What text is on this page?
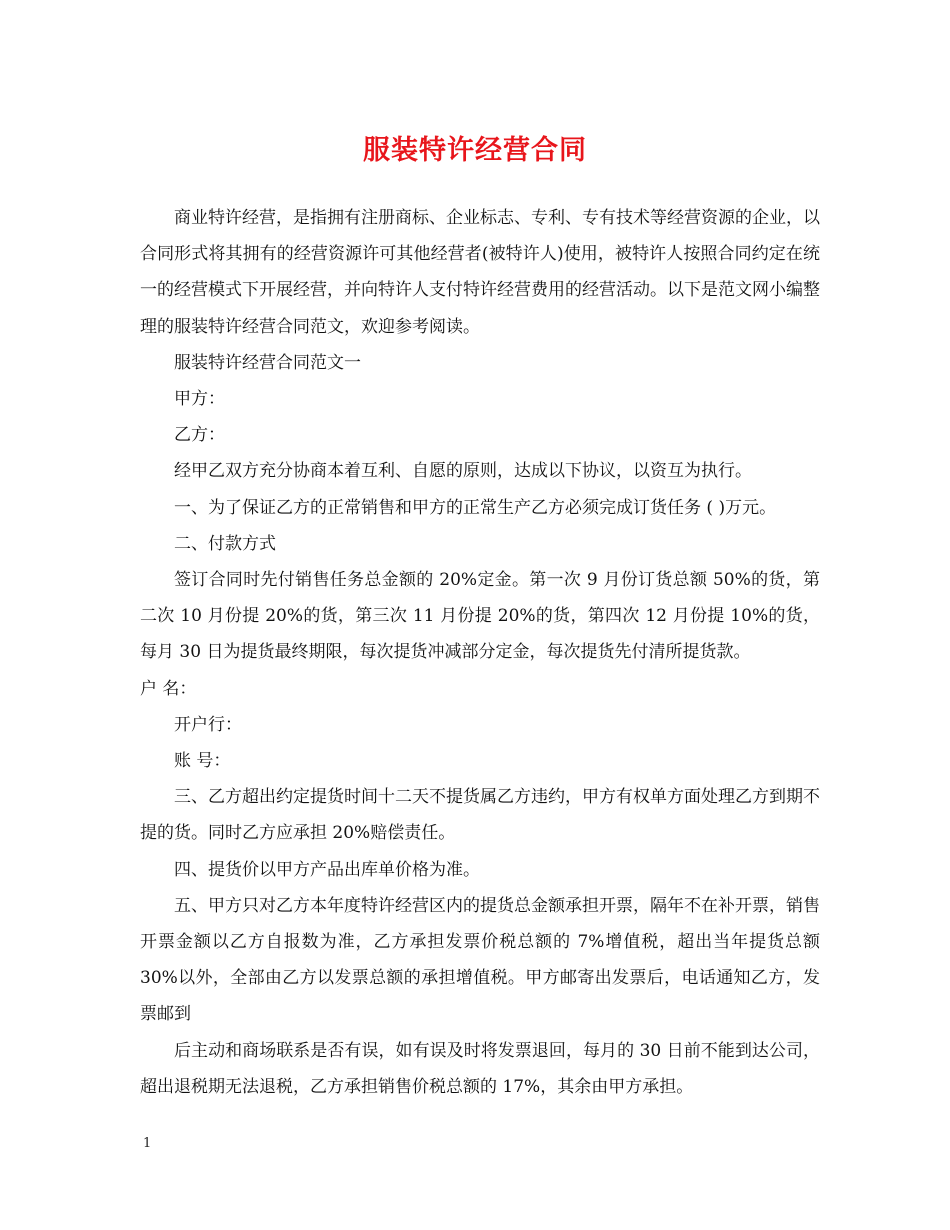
服装特许经营合同

商业特许经营，是指拥有注册商标、企业标志、专利、专有技术等经营资源的企业，以合同形式将其拥有的经营资源许可其他经营者(被特许人)使用，被特许人按照合同约定在统一的经营模式下开展经营，并向特许人支付特许经营费用的经营活动。以下是范文网小编整理的服装特许经营合同范文，欢迎参考阅读。

服装特许经营合同范文一

甲方：

乙方：

经甲乙双方充分协商本着互利、自愿的原则，达成以下协议，以资互为执行。

一、为了保证乙方的正常销售和甲方的正常生产乙方必须完成订货任务 ( )万元。

二、付款方式

签订合同时先付销售任务总金额的 20%定金。第一次 9 月份订货总额 50%的货，第二次 10 月份提 20%的货，第三次 11 月份提 20%的货，第四次 12 月份提 10%的货，每月 30 日为提货最终期限，每次提货冲减部分定金，每次提货先付清所提货款。

户 名：

开户行：

账 号：

三、乙方超出约定提货时间十二天不提货属乙方违约，甲方有权单方面处理乙方到期不提的货。同时乙方应承担 20%赔偿责任。

四、提货价以甲方产品出库单价格为准。

五、甲方只对乙方本年度特许经营区内的提货总金额承担开票，隔年不在补开票，销售开票金额以乙方自报数为准，乙方承担发票价税总额的 7%增值税，超出当年提货总额 30%以外，全部由乙方以发票总额的承担增值税。甲方邮寄出发票后，电话通知乙方，发票邮到

后主动和商场联系是否有误，如有误及时将发票退回，每月的 30 日前不能到达公司，超出退税期无法退税，乙方承担销售价税总额的 17%，其余由甲方承担。

1
